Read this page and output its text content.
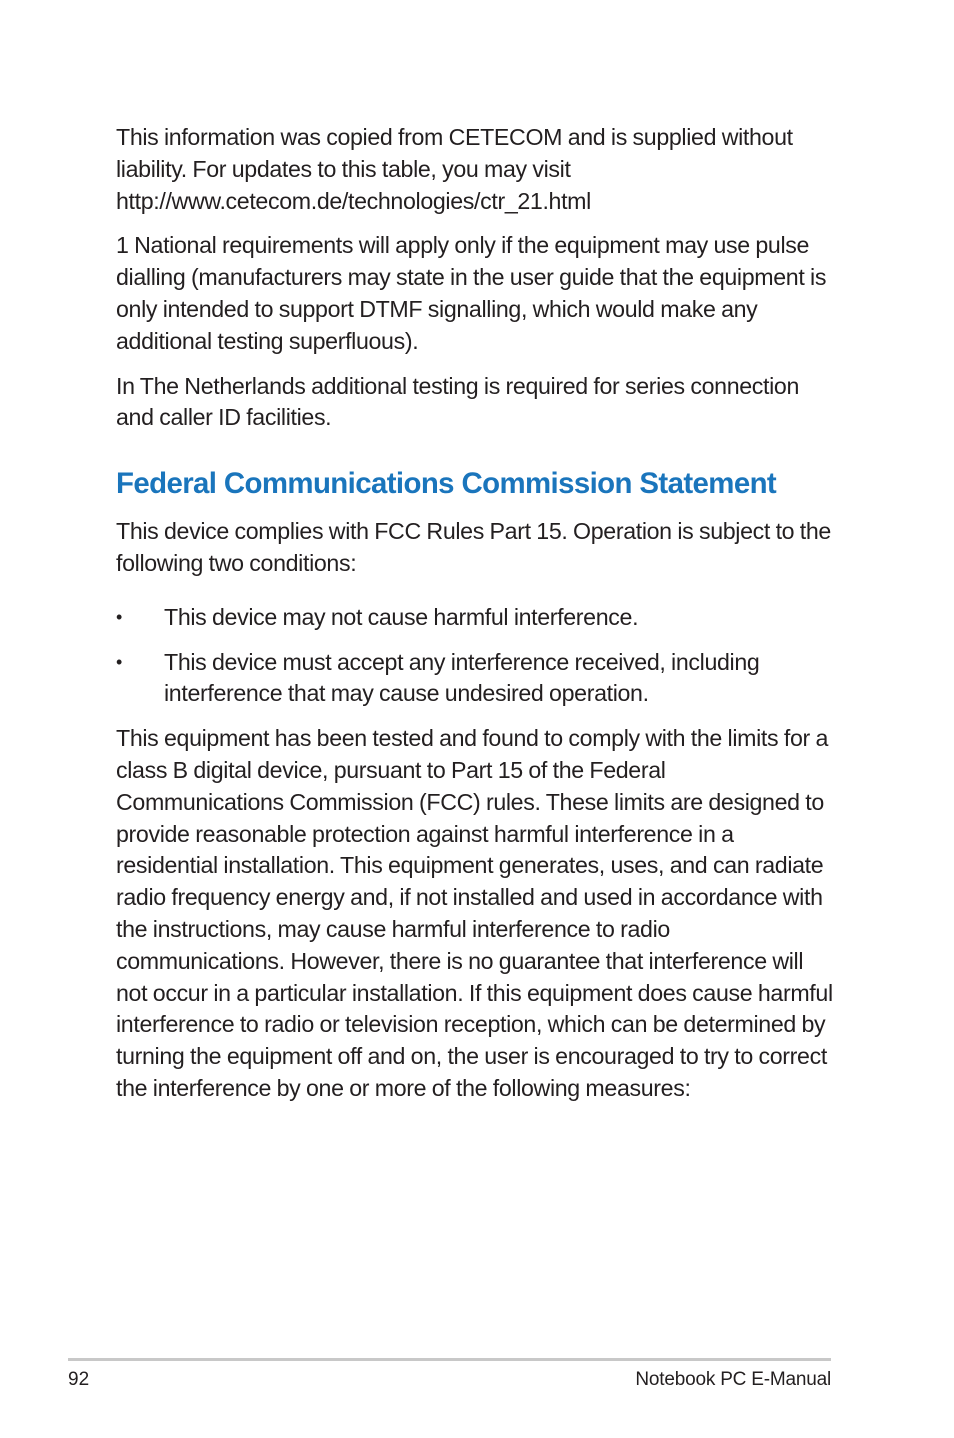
This information was copied from CETECOM and is supplied without liability. For updates to this table, you may visit http://www.cetecom.de/technologies/ctr_21.html

1 National requirements will apply only if the equipment may use pulse dialling (manufacturers may state in the user guide that the equipment is only intended to support DTMF signalling, which would make any additional testing superfluous).

In The Netherlands additional testing is required for series connection and caller ID facilities.

Federal Communications Commission Statement

This device complies with FCC Rules Part 15. Operation is subject to the following two conditions:

• This device may not cause harmful interference.
• This device must accept any interference received, including interference that may cause undesired operation.

This equipment has been tested and found to comply with the limits for a class B digital device, pursuant to Part 15 of the Federal Communications Commission (FCC) rules. These limits are designed to provide reasonable protection against harmful interference in a residential installation. This equipment generates, uses, and can radiate radio frequency energy and, if not installed and used in accordance with the instructions, may cause harmful interference to radio communications. However, there is no guarantee that interference will not occur in a particular installation. If this equipment does cause harmful interference to radio or television reception, which can be determined by turning the equipment off and on, the user is encouraged to try to correct the interference by one or more of the following measures:

92	Notebook PC E-Manual
